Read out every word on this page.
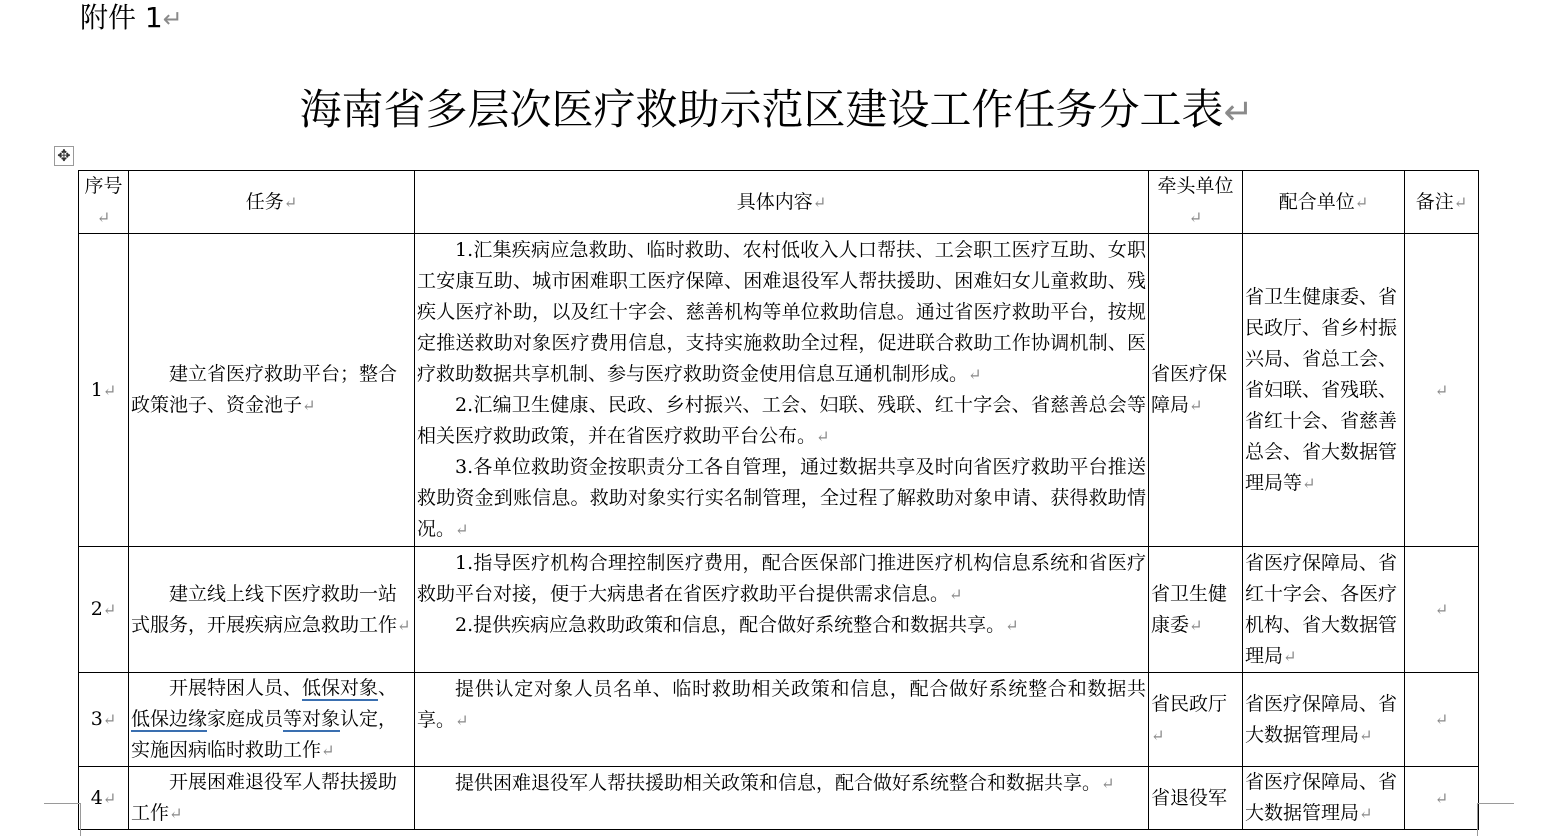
附件 1↵
海南省多层次医疗救助示范区建设工作任务分工表↵
✥
序号↵	任务↵	具体内容↵	牵头单位↵	配合单位↵	备注↵
1↵	建立省医疗救助平台；整合政策池子、资金池子↵	1.汇集疾病应急救助、临时救助、农村低收入人口帮扶、工会职工医疗互助、女职工安康互助、城市困难职工医疗保障、困难退役军人帮扶援助、困难妇女儿童救助、残疾人医疗补助，以及红十字会、慈善机构等单位救助信息。通过省医疗救助平台，按规定推送救助对象医疗费用信息，支持实施救助全过程，促进联合救助工作协调机制、医疗救助数据共享机制、参与医疗救助资金使用信息互通机制形成。↵

2.汇编卫生健康、民政、乡村振兴、工会、妇联、残联、红十字会、省慈善总会等相关医疗救助政策，并在省医疗救助平台公布。↵

3.各单位救助资金按职责分工各自管理，通过数据共享及时向省医疗救助平台推送救助资金到账信息。救助对象实行实名制管理，全过程了解救助对象申请、获得救助情况。↵	省医疗保障局↵	省卫生健康委、省民政厅、省乡村振兴局、省总工会、省妇联、省残联、省红十会、省慈善总会、省大数据管理局等↵	↵
2↵	建立线上线下医疗救助一站式服务，开展疾病应急救助工作↵	1.指导医疗机构合理控制医疗费用，配合医保部门推进医疗机构信息系统和省医疗救助平台对接，便于大病患者在省医疗救助平台提供需求信息。↵

2.提供疾病应急救助政策和信息，配合做好系统整合和数据共享。↵	省卫生健康委↵	省医疗保障局、省红十字会、各医疗机构、省大数据管理局↵	↵
3↵	开展特困人员、低保对象、低保边缘家庭成员等对象认定，实施因病临时救助工作↵	提供认定对象人员名单、临时救助相关政策和信息，配合做好系统整合和数据共享。↵	省民政厅↵	省医疗保障局、省大数据管理局↵	↵
4↵	开展困难退役军人帮扶援助工作↵	提供困难退役军人帮扶援助相关政策和信息，配合做好系统整合和数据共享。↵	省退役军	省医疗保障局、省大数据管理局↵	↵
